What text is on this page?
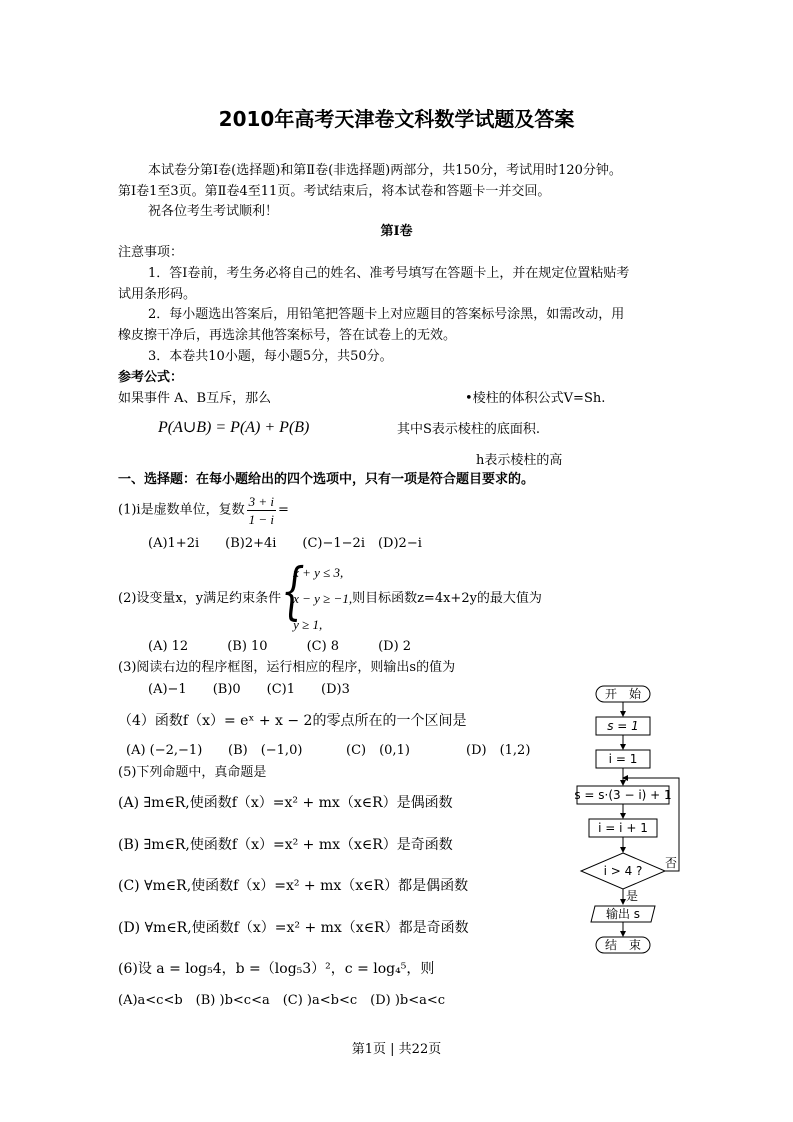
2010年高考天津卷文科数学试题及答案
本试卷分第Ⅰ卷(选择题)和第Ⅱ卷(非选择题)两部分，共150分，考试用时120分钟。
第Ⅰ卷1至3页。第Ⅱ卷4至11页。考试结束后，将本试卷和答题卡一并交回。
祝各位考生考试顺利！
第Ⅰ卷
注意事项：
1．答Ⅰ卷前，考生务必将自己的姓名、准考号填写在答题卡上，并在规定位置粘贴考
试用条形码。
2．每小题选出答案后，用铅笔把答题卡上对应题目的答案标号涂黑，如需改动，用
橡皮擦干净后，再选涂其他答案标号，答在试卷上的无效。
3．本卷共10小题，每小题5分，共50分。
参考公式：
如果事件 A、B互斥，那么	•棱柱的体积公式V=Sh.
P(A∪B) = P(A) + P(B)	其中S表示棱柱的底面积.
h表示棱柱的高
一、选择题：在每小题给出的四个选项中，只有一项是符合题目要求的。
(1)i是虚数单位，复数 $\frac{3 + i}{1 - i}$ =
(A)1+2i　　(B)2+4i　　(C)−1−2i　(D)2−i
(2)设变量x，y满足约束条件 {
x + y ≤ 3,
x − y ≥ −1,
y ≥ 1,
则目标函数z=4x+2y的最大值为
(A) 12　　　(B) 10　　　(C) 8　　　(D) 2
(3)阅读右边的程序框图，运行相应的程序，则输出s的值为
(A)−1　　(B)0　　(C)1　　(D)3
（4）函数f（x）= eˣ + x − 2的零点所在的一个区间是
(A) (−2,−1) (B)　(−1,0)	(C)　(0,1)	(D)　(1,2)
(5)下列命题中，真命题是
(A) ∃m∈R,使函数f（x）=x² + mx（x∈R）是偶函数
(B) ∃m∈R,使函数f（x）=x² + mx（x∈R）是奇函数
(C) ∀m∈R,使函数f（x）=x² + mx（x∈R）都是偶函数
(D) ∀m∈R,使函数f（x）=x² + mx（x∈R）都是奇函数
(6)设 a = log₅4，b =（log₅3）²，c = log₄⁵，则
(A)a<c<b　(B) )b<c<a　(C) )a<b<c　(D) )b<a<c
开　始
s = 1
i = 1
s = s·(3 − i) + 1
i = i + 1
i > 4 ?
否
是
输出 s
结　束
第1页 | 共22页
